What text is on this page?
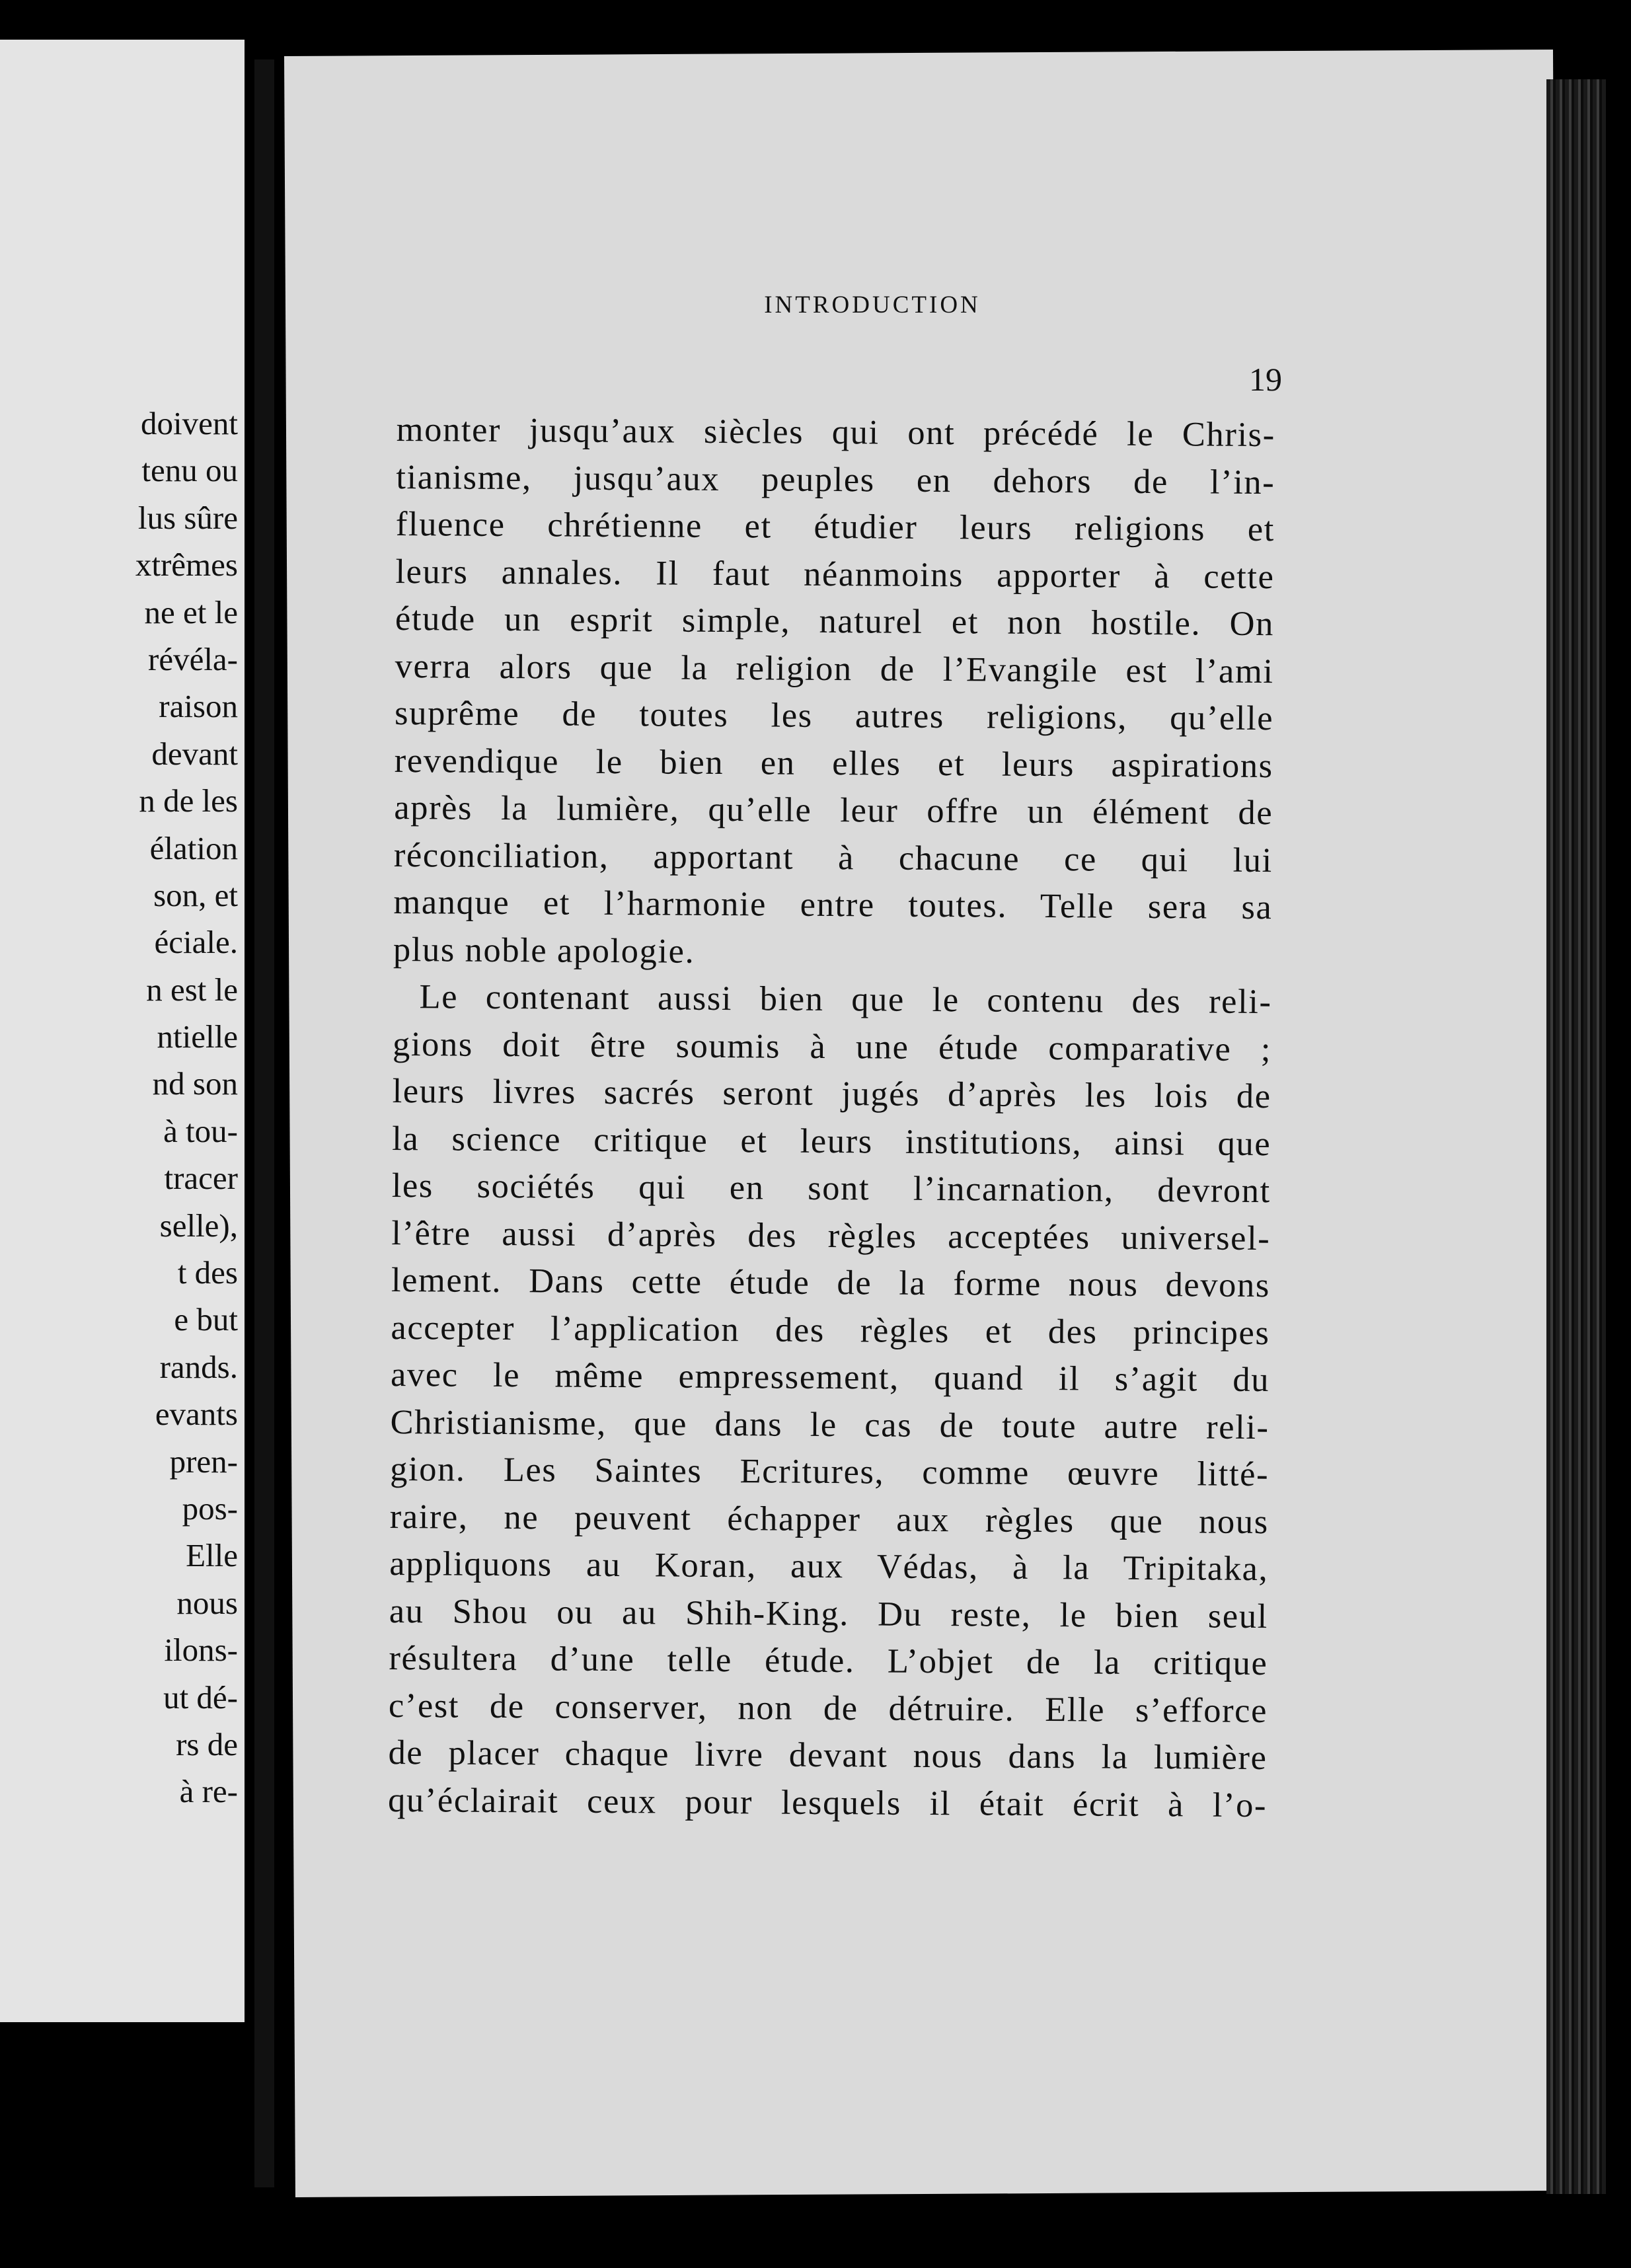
doivent
tenu ou
lus sûre
xtrêmes
ne et le
révéla-
raison
devant
n de les
élation
son, et
éciale.
n est le
ntielle
nd son
à tou-
tracer
selle),
t des
e but
rands.
evants
pren-
pos-
Elle
nous
ilons-
ut dé-
rs de
à re-
INTRODUCTION
19
monter jusqu’aux siècles qui ont précédé le Chris-
tianisme, jusqu’aux peuples en dehors de l’in-
fluence chrétienne et étudier leurs religions et
leurs annales. Il faut néanmoins apporter à cette
étude un esprit simple, naturel et non hostile. On
verra alors que la religion de l’Evangile est l’ami
suprême de toutes les autres religions, qu’elle
revendique le bien en elles et leurs aspirations
après la lumière, qu’elle leur offre un élément de
réconciliation, apportant à chacune ce qui lui
manque et l’harmonie entre toutes. Telle sera sa
plus noble apologie.
Le contenant aussi bien que le contenu des reli-
gions doit être soumis à une étude comparative ;
leurs livres sacrés seront jugés d’après les lois de
la science critique et leurs institutions, ainsi que
les sociétés qui en sont l’incarnation, devront
l’être aussi d’après des règles acceptées universel-
lement. Dans cette étude de la forme nous devons
accepter l’application des règles et des principes
avec le même empressement, quand il s’agit du
Christianisme, que dans le cas de toute autre reli-
gion. Les Saintes Ecritures, comme œuvre litté-
raire, ne peuvent échapper aux règles que nous
appliquons au Koran, aux Védas, à la Tripitaka,
au Shou ou au Shih-King. Du reste, le bien seul
résultera d’une telle étude. L’objet de la critique
c’est de conserver, non de détruire. Elle s’efforce
de placer chaque livre devant nous dans la lumière
qu’éclairait ceux pour lesquels il était écrit à l’o-
